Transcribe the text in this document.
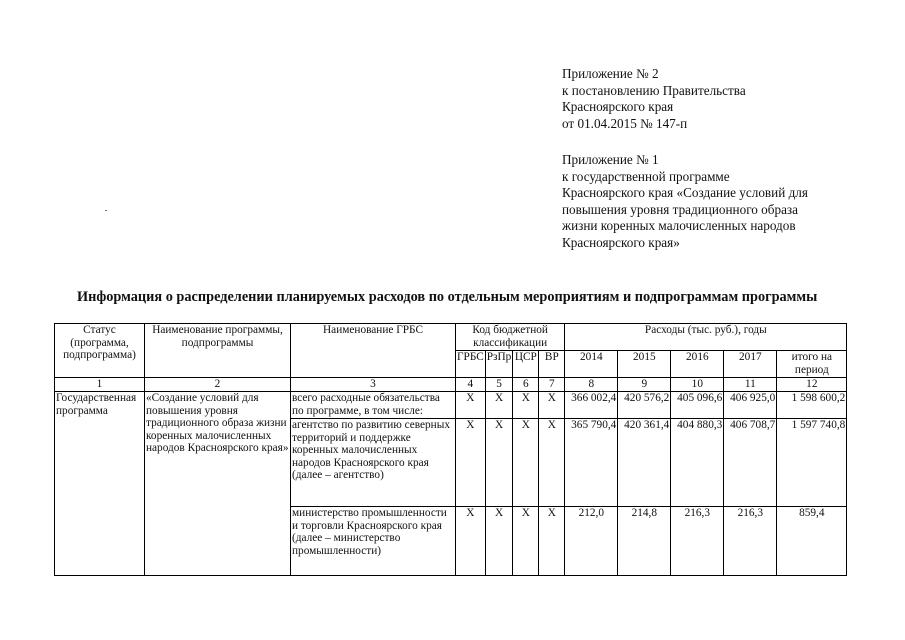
Приложение № 2

к постановлению Правительства

Красноярского края

от 01.04.2015 № 147-п

Приложение № 1

к государственной программе

Красноярского края «Создание условий для

повышения уровня традиционного образа

жизни коренных малочисленных народов

Красноярского края»

Информация о распределении планируемых расходов по отдельным мероприятиям и подпрограммам программы
Статус (программа, подпрограмма)	Наименование программы, подпрограммы	Наименование ГРБС	Код бюджетной классификации				Расходы (тыс. руб.), годы				
			ГРБС	РзПр	ЦСР	ВР	2014	2015	2016	2017	итого на период
1	2	3	4	5	6	7	8	9	10	11	12
Государственная программа	«Создание условий для повышения уровня традиционного образа жизни коренных малочисленных народов Красноярского края»	всего расходные обязательства по программе, в том числе:	Х	Х	Х	Х	366 002,4	420 576,2	405 096,6	406 925,0	1 598 600,2
		агентство по развитию северных территорий и поддержке коренных малочисленных народов Красноярского края (далее – агентство)	Х	Х	Х	Х	365 790,4	420 361,4	404 880,3	406 708,7	1 597 740,8
		министерство промышленности и торговли Красноярского края (далее – министерство промышленности)	Х	Х	Х	Х	212,0	214,8	216,3	216,3	859,4
